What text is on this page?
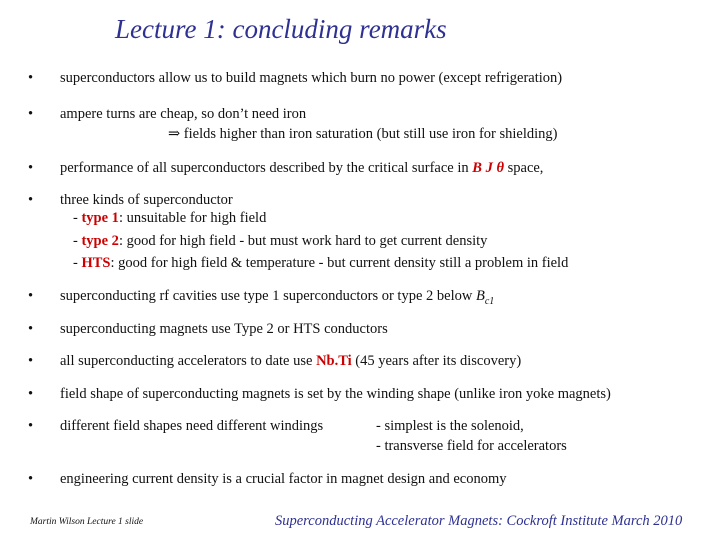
Lecture 1: concluding remarks
• superconductors allow us to build magnets which burn no power (except refrigeration)
• ampere turns are cheap, so don’t need iron
⇒ fields higher than iron saturation (but still use iron for shielding)
• performance of all superconductors described by the critical surface in B J θ space,
• three kinds of superconductor
- type 1: unsuitable for high field
- type 2: good for high field - but must work hard to get current density
- HTS: good for high field & temperature - but current density still a problem in field
• superconducting rf cavities use type 1 superconductors or type 2 below $B_{c1}$
• superconducting magnets use Type 2 or HTS conductors
• all superconducting accelerators to date use Nb.Ti (45 years after its discovery)
• field shape of superconducting magnets is set by the winding shape (unlike iron yoke magnets)
• different field shapes need different windings	- simplest is the solenoid,
- transverse field for accelerators
• engineering current density is a crucial factor in magnet design and economy
Martin Wilson Lecture 1 slide	Superconducting Accelerator Magnets: Cockroft Institute March 2010
